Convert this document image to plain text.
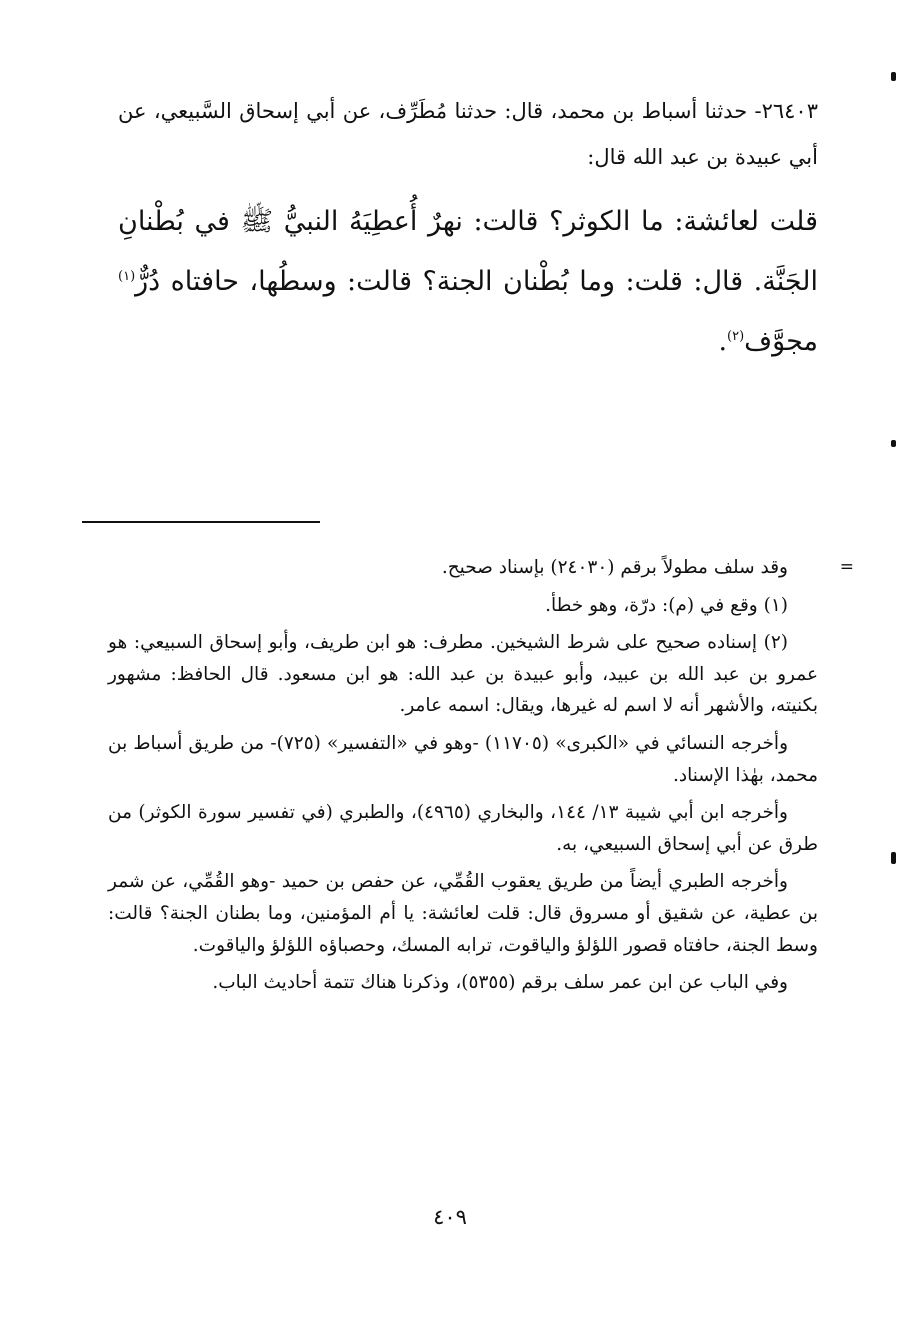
٢٦٤٠٣- حدثنا أسباط بن محمد، قال: حدثنا مُطَرِّف، عن أبي إسحاق السَّبيعي، عن أبي عبيدة بن عبد الله قال:

قلت لعائشة: ما الكوثر؟ قالت: نهرٌ أُعطِيَهُ النبيُّ ﷺ في بُطْنانِ الجَنَّة. قال: قلت: وما بُطْنان الجنة؟ قالت: وسطُها، حافتاه دُرٌّ$^{(١)}$ مجوَّف$^{(٢)}$.

=
وقد سلف مطولاً برقم (٢٤٠٣٠) بإسناد صحيح.

(١) وقع في (م): درّة، وهو خطأ.

(٢) إسناده صحيح على شرط الشيخين. مطرف: هو ابن طريف، وأبو إسحاق السبيعي: هو عمرو بن عبد الله بن عبيد، وأبو عبيدة بن عبد الله: هو ابن مسعود. قال الحافظ: مشهور بكنيته، والأشهر أنه لا اسم له غيرها، ويقال: اسمه عامر.

وأخرجه النسائي في «الكبرى» (١١٧٠٥) -وهو في «التفسير» (٧٢٥)- من طريق أسباط بن محمد، بهٰذا الإسناد.

وأخرجه ابن أبي شيبة ١٣/ ١٤٤، والبخاري (٤٩٦٥)، والطبري (في تفسير سورة الكوثر) من طرق عن أبي إسحاق السبيعي، به.

وأخرجه الطبري أيضاً من طريق يعقوب القُمِّي، عن حفص بن حميد -وهو القُمِّي، عن شمر بن عطية، عن شقيق أو مسروق قال: قلت لعائشة: يا أم المؤمنين، وما بطنان الجنة؟ قالت: وسط الجنة، حافتاه قصور اللؤلؤ والياقوت، ترابه المسك، وحصباؤه اللؤلؤ والياقوت.

وفي الباب عن ابن عمر سلف برقم (٥٣٥٥)، وذكرنا هناك تتمة أحاديث الباب.

٤٠٩
